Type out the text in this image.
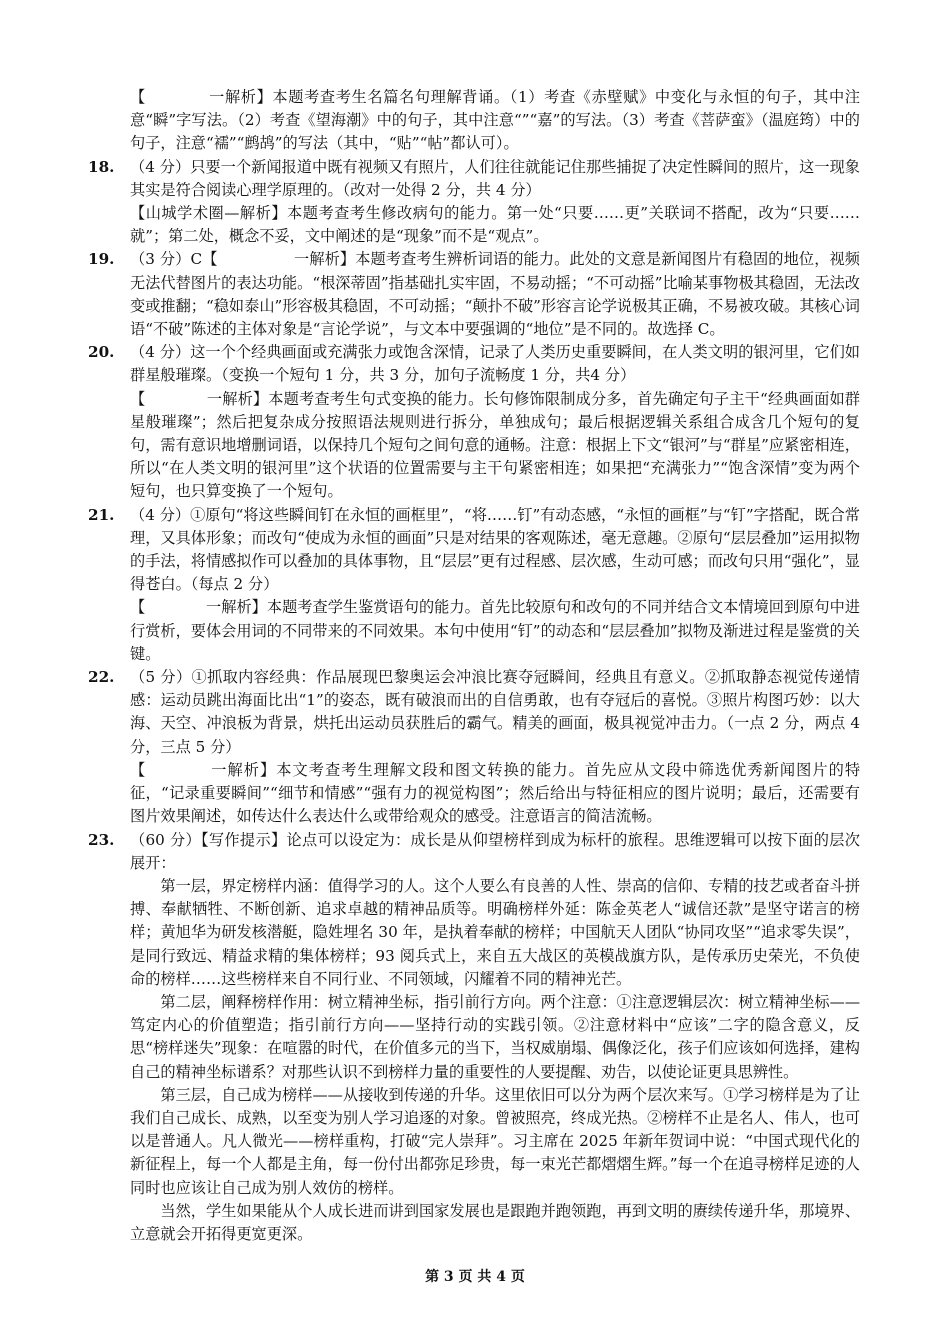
【　　　　一解析】本题考查考生名篇名句理解背诵。（1）考查《赤壁赋》中变化与永恒的句子，其中注意“瞬”字写法。（2）考查《望海潮》中的句子，其中注意“”“嘉”的写法。（3）考查《菩萨蛮》（温庭筠）中的句子，注意“襦”“鹧鸪”的写法（其中，“贴”“帖”都认可）。

18.	（4 分）只要一个新闻报道中既有视频又有照片，人们往往就能记住那些捕捉了决定性瞬间的照片，这一现象其实是符合阅读心理学原理的。（改对一处得 2 分，共 4 分）

【山城学术圈—解析】本题考查考生修改病句的能力。第一处“只要……更”关联词不搭配，改为“只要……就”；第二处，概念不妥，文中阐述的是“现象”而不是“观点”。

19.	（3 分）C【　　　　　一解析】本题考查考生辨析词语的能力。此处的文意是新闻图片有稳固的地位，视频无法代替图片的表达功能。“根深蒂固”指基础扎实牢固，不易动摇；“不可动摇”比喻某事物极其稳固，无法改变或推翻；“稳如泰山”形容极其稳固，不可动摇；“颠扑不破”形容言论学说极其正确，不易被攻破。其核心词语“不破”陈述的主体对象是“言论学说”，与文本中要强调的“地位”是不同的。故选择 C。

20.	（4 分）这一个个经典画面或充满张力或饱含深情，记录了人类历史重要瞬间，在人类文明的银河里，它们如群星般璀璨。（变换一个短句 1 分，共 3 分，加句子流畅度 1 分，共4 分）

【　　　　一解析】本题考查考生句式变换的能力。长句修饰限制成分多，首先确定句子主干“经典画面如群星般璀璨”；然后把复杂成分按照语法规则进行拆分，单独成句；最后根据逻辑关系组合成含几个短句的复句，需有意识地增删词语，以保持几个短句之间句意的通畅。注意：根据上下文“银河”与“群星”应紧密相连，所以“在人类文明的银河里”这个状语的位置需要与主干句紧密相连；如果把“充满张力”“饱含深情”变为两个短句，也只算变换了一个短句。

21.	（4 分）①原句“将这些瞬间钉在永恒的画框里”，“将……钉”有动态感，“永恒的画框”与“钉”字搭配，既合常理，又具体形象；而改句“使成为永恒的画面”只是对结果的客观陈述，毫无意趣。②原句“层层叠加”运用拟物的手法，将情感拟作可以叠加的具体事物，且“层层”更有过程感、层次感，生动可感；而改句只用“强化”，显得苍白。（每点 2 分）

【　　　　一解析】本题考查学生鉴赏语句的能力。首先比较原句和改句的不同并结合文本情境回到原句中进行赏析，要体会用词的不同带来的不同效果。本句中使用“钉”的动态和“层层叠加”拟物及渐进过程是鉴赏的关键。

22.	（5 分）①抓取内容经典：作品展现巴黎奥运会冲浪比赛夺冠瞬间，经典且有意义。②抓取静态视觉传递情感：运动员跳出海面比出“1”的姿态，既有破浪而出的自信勇敢，也有夺冠后的喜悦。③照片构图巧妙：以大海、天空、冲浪板为背景，烘托出运动员获胜后的霸气。精美的画面，极具视觉冲击力。（一点 2 分，两点 4 分，三点 5 分）

【　　　　一解析】本文考查考生理解文段和图文转换的能力。首先应从文段中筛选优秀新闻图片的特征，“记录重要瞬间”“细节和情感”“强有力的视觉构图”；然后给出与特征相应的图片说明；最后，还需要有图片效果阐述，如传达什么表达什么或带给观众的感受。注意语言的简洁流畅。

23.	（60 分）【写作提示】论点可以设定为：成长是从仰望榜样到成为标杆的旅程。思维逻辑可以按下面的层次展开：

第一层，界定榜样内涵：值得学习的人。这个人要么有良善的人性、崇高的信仰、专精的技艺或者奋斗拼搏、奉献牺牲、不断创新、追求卓越的精神品质等。明确榜样外延：陈金英老人“诚信还款”是坚守诺言的榜样；黄旭华为研发核潜艇，隐姓埋名 30 年，是执着奉献的榜样；中国航天人团队“协同攻坚”“追求零失误”，是同行致远、精益求精的集体榜样；93 阅兵式上，来自五大战区的英模战旗方队，是传承历史荣光，不负使命的榜样……这些榜样来自不同行业、不同领域，闪耀着不同的精神光芒。

第二层，阐释榜样作用：树立精神坐标，指引前行方向。两个注意：①注意逻辑层次：树立精神坐标——笃定内心的价值塑造；指引前行方向——坚持行动的实践引领。②注意材料中“应该”二字的隐含意义，反思“榜样迷失”现象：在喧嚣的时代，在价值多元的当下，当权威崩塌、偶像泛化，孩子们应该如何选择，建构自己的精神坐标谱系？对那些认识不到榜样力量的重要性的人要提醒、劝告，以使论证更具思辨性。

第三层，自己成为榜样——从接收到传递的升华。这里依旧可以分为两个层次来写。①学习榜样是为了让我们自己成长、成熟，以至变为别人学习追逐的对象。曾被照亮，终成光热。②榜样不止是名人、伟人，也可以是普通人。凡人微光——榜样重构，打破“完人崇拜”。习主席在 2025 年新年贺词中说：“中国式现代化的新征程上，每一个人都是主角，每一份付出都弥足珍贵，每一束光芒都熠熠生辉。”每一个在追寻榜样足迹的人同时也应该让自己成为别人效仿的榜样。

当然，学生如果能从个人成长进而讲到国家发展也是跟跑并跑领跑，再到文明的赓续传递升华，那境界、立意就会开拓得更宽更深。

第 3 页 共 4 页
